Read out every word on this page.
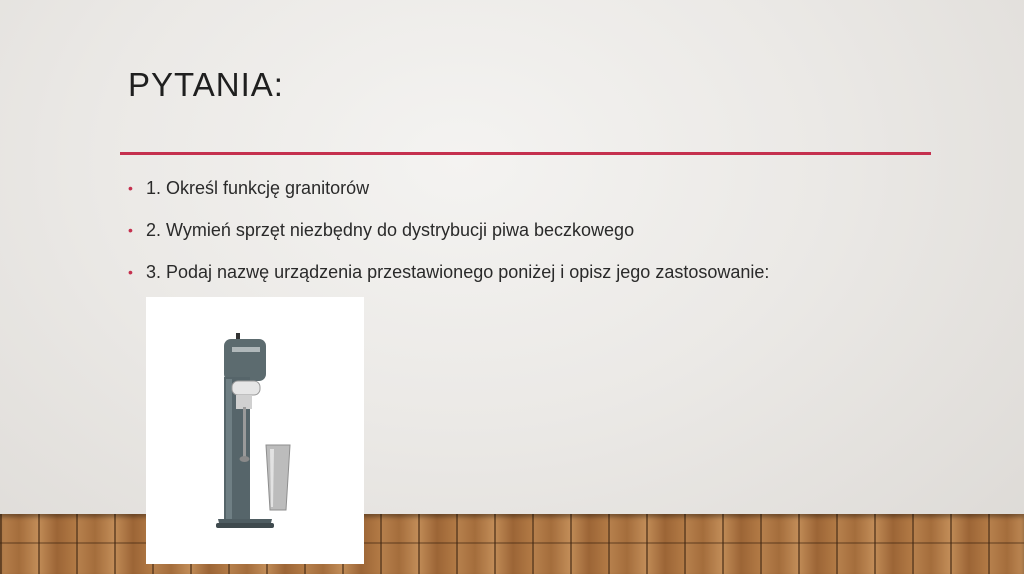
PYTANIA:
• 1. Określ funkcję granitorów
• 2. Wymień sprzęt niezbędny do dystrybucji piwa beczkowego
• 3. Podaj nazwę urządzenia przestawionego poniżej i opisz jego zastosowanie:
